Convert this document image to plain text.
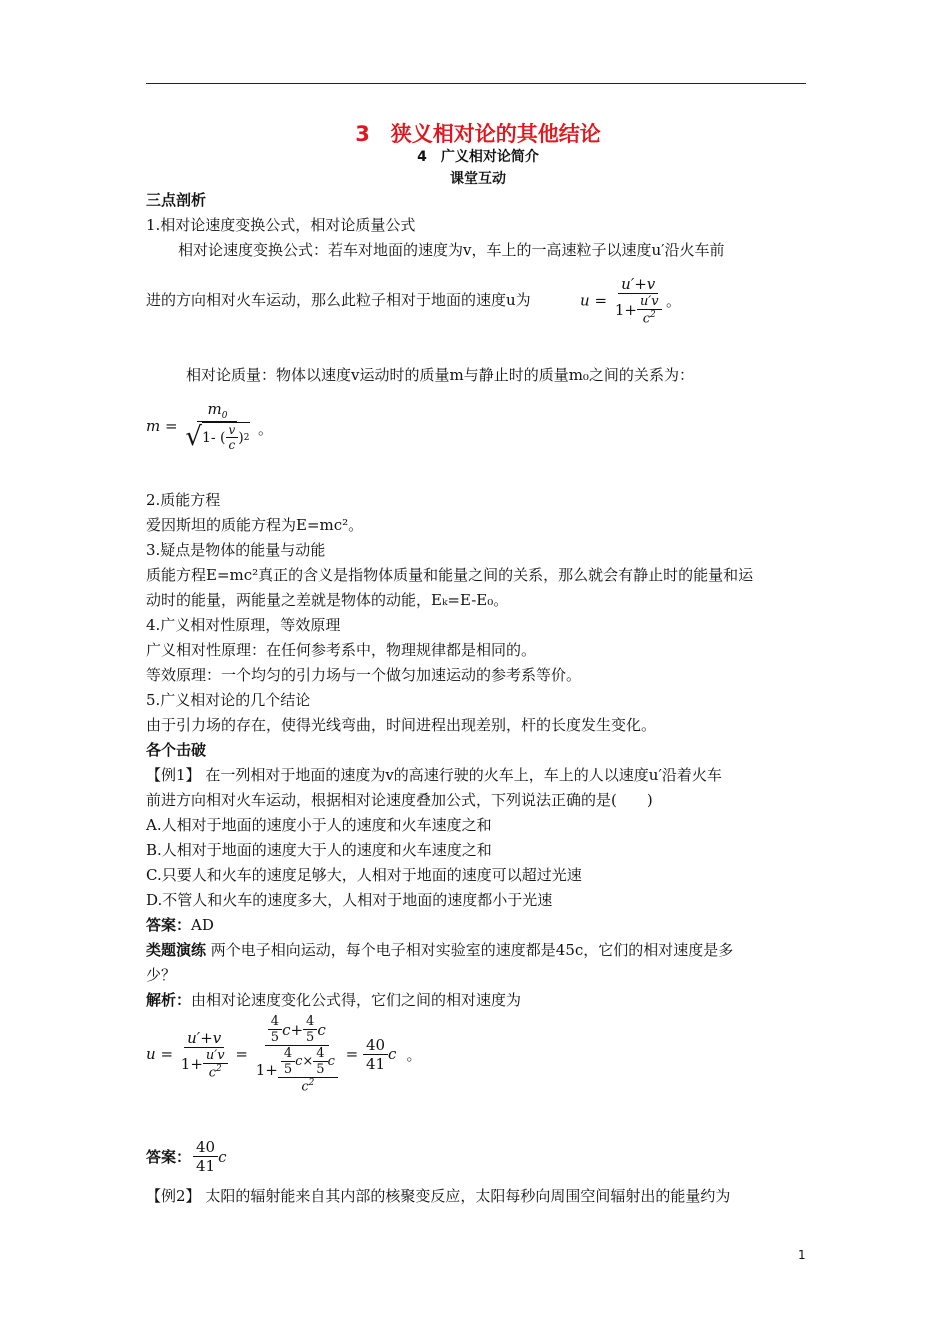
3　狭义相对论的其他结论
4　广义相对论简介
课堂互动
三点剖析
1.相对论速度变换公式，相对论质量公式
相对论速度变换公式：若车对地面的速度为v，车上的一高速粒子以速度u′沿火车前
进的方向相对火车运动，那么此粒子相对于地面的速度u为	$u = \frac{u'+v}{1+ \frac{u'v}{c^2}}$ 。
相对论质量：物体以速度v运动时的质量m与静止时的质量m₀之间的关系为：
$m = \frac{m_0}{√ 1- ( \frac{v}{c} ) 2}$ 。
2.质能方程
爱因斯坦的质能方程为E=mc²。
3.疑点是物体的能量与动能
质能方程E=mc²真正的含义是指物体质量和能量之间的关系，那么就会有静止时的能量和运
动时的能量，两能量之差就是物体的动能，Eₖ=E-E₀。
4.广义相对性原理，等效原理
广义相对性原理：在任何参考系中，物理规律都是相同的。
等效原理：一个均匀的引力场与一个做匀加速运动的参考系等价。
5.广义相对论的几个结论
由于引力场的存在，使得光线弯曲，时间进程出现差别，杆的长度发生变化。
各个击破
【例1】 在一列相对于地面的速度为v的高速行驶的火车上，车上的人以速度u′沿着火车
前进方向相对火车运动，根据相对论速度叠加公式，下列说法正确的是(　　)
A.人相对于地面的速度小于人的速度和火车速度之和
B.人相对于地面的速度大于人的速度和火车速度之和
C.只要人和火车的速度足够大，人相对于地面的速度可以超过光速
D.不管人和火车的速度多大，人相对于地面的速度都小于光速
答案：AD
类题演练 两个电子相向运动，每个电子相对实验室的速度都是45c，它们的相对速度是多
少？
解析：由相对论速度变化公式得，它们之间的相对速度为
$u = \frac{u'+v}{1+ \frac{u'v}{c^2}} = \frac{\frac{4}{5} c + \frac{4}{5} c}{1+ \frac{\frac{4}{5} c \times \frac{4}{5} c}{c^2}} = \frac{40}{41}$ c 。
答案： $\frac{40}{41}$ c
【例2】 太阳的辐射能来自其内部的核聚变反应，太阳每秒向周围空间辐射出的能量约为
1
